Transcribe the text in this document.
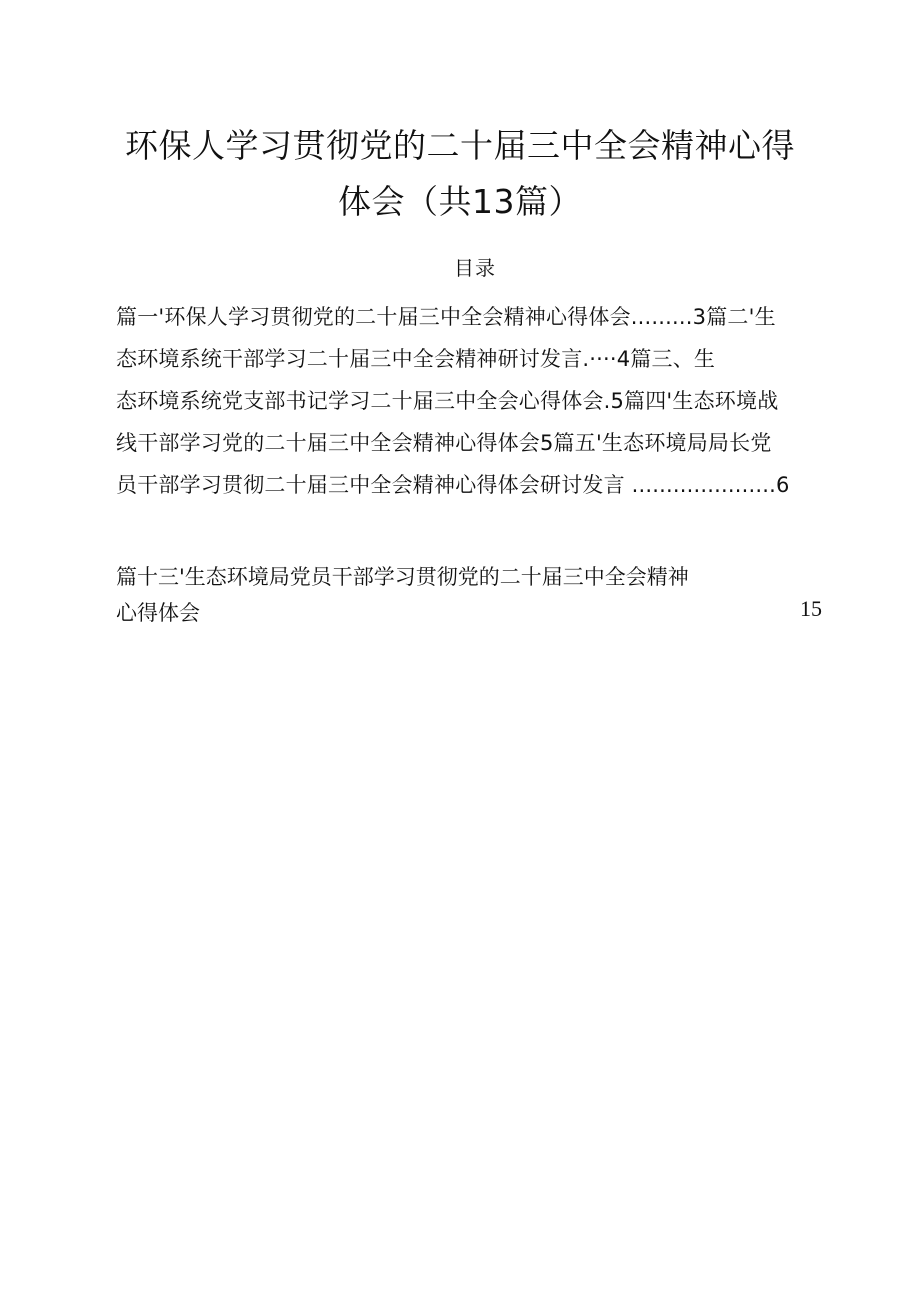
环保人学习贯彻党的二十届三中全会精神心得
体会（共13篇）
目录
篇一'环保人学习贯彻党的二十届三中全会精神心得体会.........3篇二'生
态环境系统干部学习二十届三中全会精神研讨发言.····4篇三、生
态环境系统党支部书记学习二十届三中全会心得体会.5篇四'生态环境战
线干部学习党的二十届三中全会精神心得体会5篇五'生态环境局局长党
员干部学习贯彻二十届三中全会精神心得体会研讨发言 .....................6
篇十三'生态环境局党员干部学习贯彻党的二十届三中全会精神
心得体会	15
